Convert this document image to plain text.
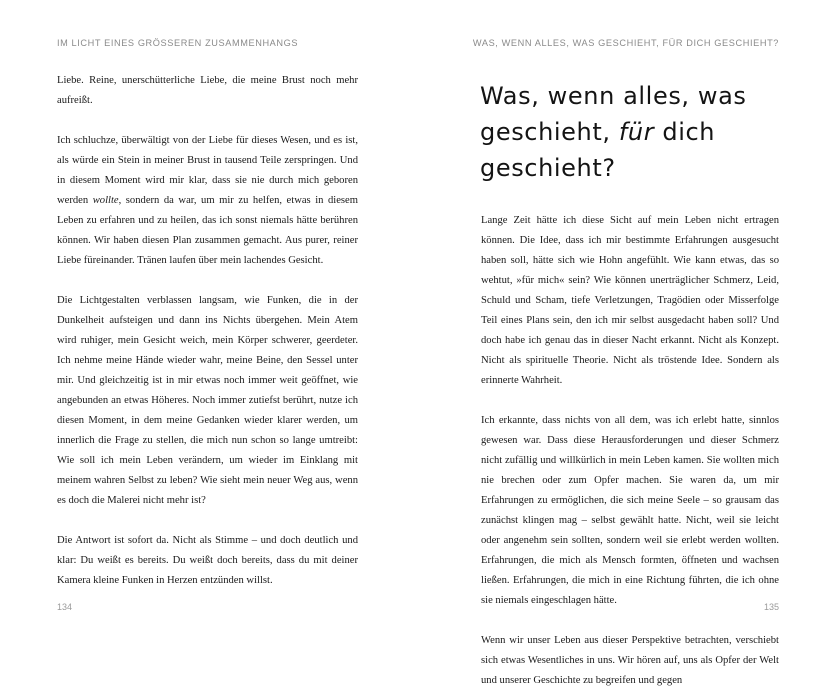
IM LICHT EINES GRÖSSEREN ZUSAMMENHANGS

Liebe. Reine, unerschütterliche Liebe, die meine Brust noch mehr aufreißt.

Ich schluchze, überwältigt von der Liebe für dieses Wesen, und es ist, als würde ein Stein in meiner Brust in tausend Teile zerspringen. Und in diesem Moment wird mir klar, dass sie nie durch mich geboren werden wollte, sondern da war, um mir zu helfen, etwas in diesem Leben zu erfahren und zu heilen, das ich sonst niemals hätte berühren können. Wir haben diesen Plan zusammen gemacht. Aus purer, reiner Liebe füreinander. Tränen laufen über mein lachendes Gesicht.

Die Lichtgestalten verblassen langsam, wie Funken, die in der Dunkelheit aufsteigen und dann ins Nichts übergehen. Mein Atem wird ruhiger, mein Gesicht weich, mein Körper schwerer, geerdeter. Ich nehme meine Hände wieder wahr, meine Beine, den Sessel unter mir. Und gleichzeitig ist in mir etwas noch immer weit geöffnet, wie angebunden an etwas Höheres. Noch immer zutiefst berührt, nutze ich diesen Moment, in dem meine Gedanken wieder klarer werden, um innerlich die Frage zu stellen, die mich nun schon so lange umtreibt: Wie soll ich mein Leben verändern, um wieder im Einklang mit meinem wahren Selbst zu leben? Wie sieht mein neuer Weg aus, wenn es doch die Malerei nicht mehr ist?

Die Antwort ist sofort da. Nicht als Stimme – und doch deutlich und klar: Du weißt es bereits. Du weißt doch bereits, dass du mit deiner Kamera kleine Funken in Herzen entzünden willst.

134
WAS, WENN ALLES, WAS GESCHIEHT, FÜR DICH GESCHIEHT?
Was, wenn alles, was
geschieht, für dich
geschieht?

Lange Zeit hätte ich diese Sicht auf mein Leben nicht ertragen können. Die Idee, dass ich mir bestimmte Erfahrungen ausgesucht haben soll, hätte sich wie Hohn angefühlt. Wie kann etwas, das so wehtut, »für mich« sein? Wie können unerträglicher Schmerz, Leid, Schuld und Scham, tiefe Verletzungen, Tragödien oder Misserfolge Teil eines Plans sein, den ich mir selbst ausgedacht haben soll? Und doch habe ich genau das in dieser Nacht erkannt. Nicht als Konzept. Nicht als spirituelle Theorie. Nicht als tröstende Idee. Sondern als erinnerte Wahrheit.

Ich erkannte, dass nichts von all dem, was ich erlebt hatte, sinnlos gewesen war. Dass diese Herausforderungen und dieser Schmerz nicht zufällig und willkürlich in mein Leben kamen. Sie wollten mich nie brechen oder zum Opfer machen. Sie waren da, um mir Erfahrungen zu ermöglichen, die sich meine Seele – so grausam das zunächst klingen mag – selbst gewählt hatte. Nicht, weil sie leicht oder angenehm sein sollten, sondern weil sie erlebt werden wollten. Erfahrungen, die mich als Mensch formten, öffneten und wachsen ließen. Erfahrungen, die mich in eine Richtung führten, die ich ohne sie niemals eingeschlagen hätte.

Wenn wir unser Leben aus dieser Perspektive betrachten, verschiebt sich etwas Wesentliches in uns. Wir hören auf, uns als Opfer der Welt und unserer Geschichte zu begreifen und gegen

135
